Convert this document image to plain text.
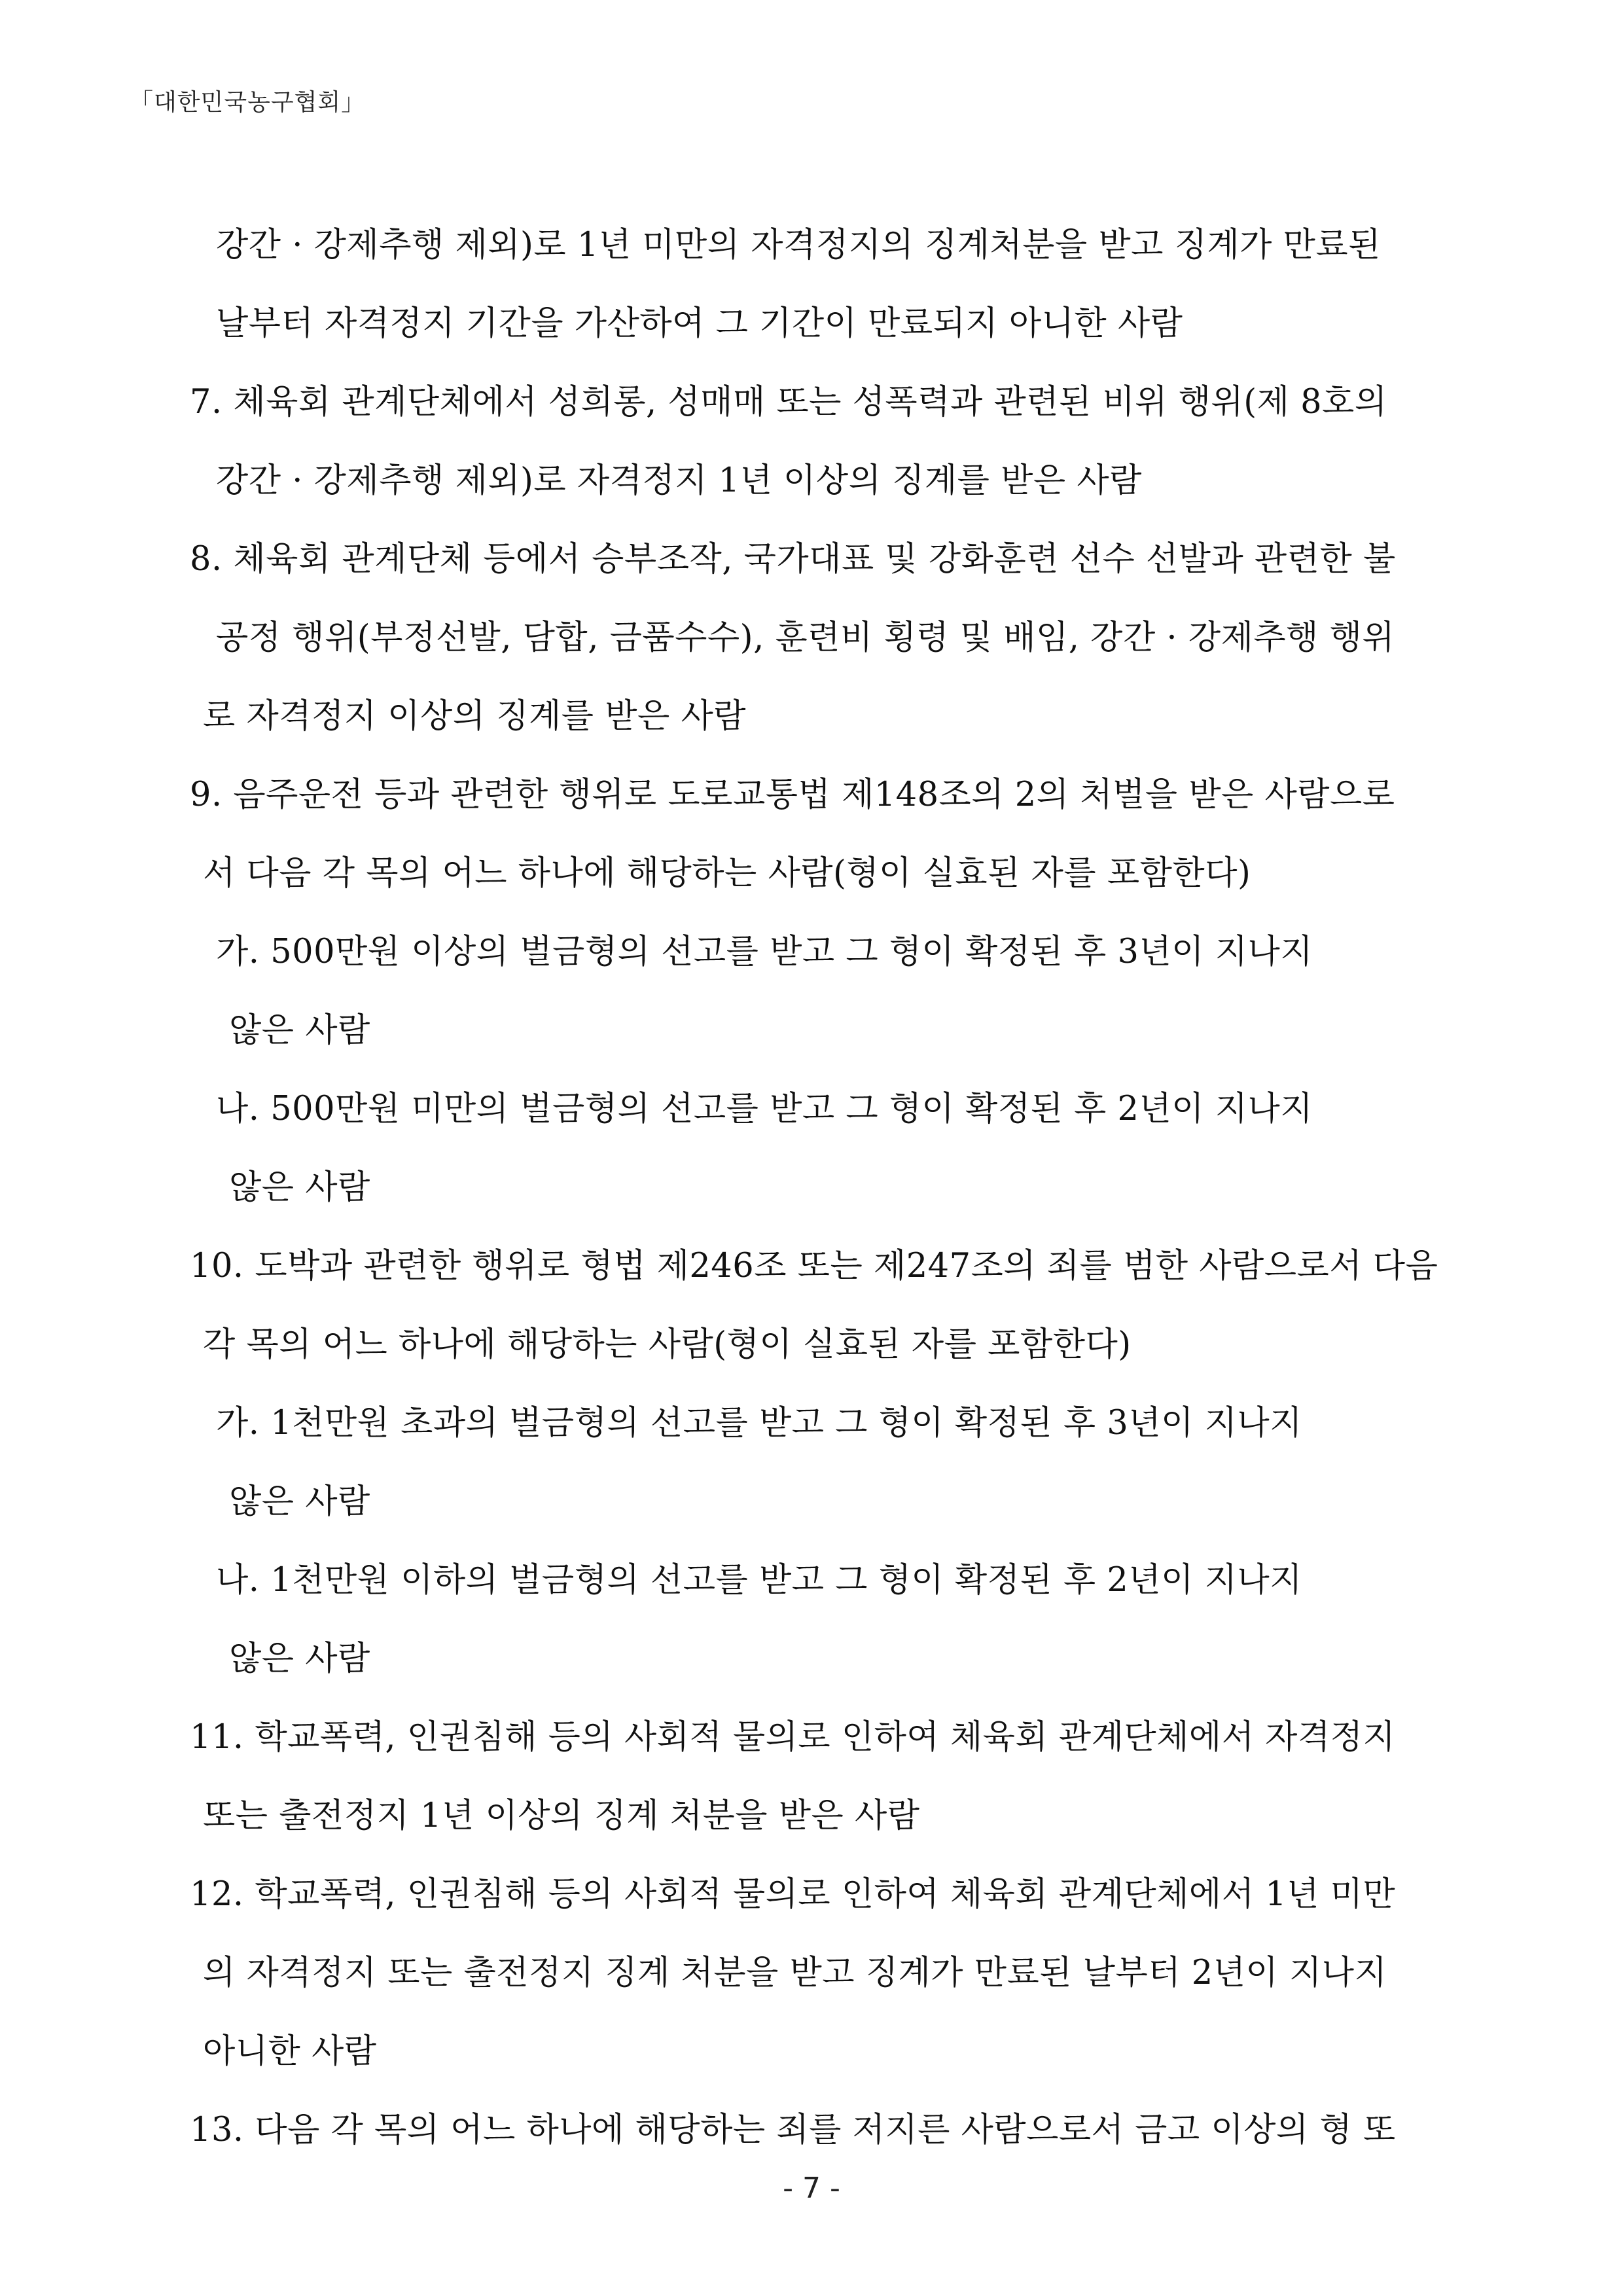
「대한민국농구협회」
강간 · 강제추행 제외)로 1년 미만의 자격정지의 징계처분을 받고 징계가 만료된
날부터 자격정지 기간을 가산하여 그 기간이 만료되지 아니한 사람
7. 체육회 관계단체에서 성희롱, 성매매 또는 성폭력과 관련된 비위 행위(제 8호의
강간 · 강제추행 제외)로 자격정지 1년 이상의 징계를 받은 사람
8. 체육회 관계단체 등에서 승부조작, 국가대표 및 강화훈련 선수 선발과 관련한 불
공정 행위(부정선발, 담합, 금품수수), 훈련비 횡령 및 배임, 강간 · 강제추행 행위
로 자격정지 이상의 징계를 받은 사람
9. 음주운전 등과 관련한 행위로 도로교통법 제148조의 2의 처벌을 받은 사람으로
서 다음 각 목의 어느 하나에 해당하는 사람(형이 실효된 자를 포함한다)
가. 500만원 이상의 벌금형의 선고를 받고 그 형이 확정된 후 3년이 지나지
않은 사람
나. 500만원 미만의 벌금형의 선고를 받고 그 형이 확정된 후 2년이 지나지
않은 사람
10. 도박과 관련한 행위로 형법 제246조 또는 제247조의 죄를 범한 사람으로서 다음
각 목의 어느 하나에 해당하는 사람(형이 실효된 자를 포함한다)
가. 1천만원 초과의 벌금형의 선고를 받고 그 형이 확정된 후 3년이 지나지
않은 사람
나. 1천만원 이하의 벌금형의 선고를 받고 그 형이 확정된 후 2년이 지나지
않은 사람
11. 학교폭력, 인권침해 등의 사회적 물의로 인하여 체육회 관계단체에서 자격정지
또는 출전정지 1년 이상의 징계 처분을 받은 사람
12. 학교폭력, 인권침해 등의 사회적 물의로 인하여 체육회 관계단체에서 1년 미만
의 자격정지 또는 출전정지 징계 처분을 받고 징계가 만료된 날부터 2년이 지나지
아니한 사람
13. 다음 각 목의 어느 하나에 해당하는 죄를 저지른 사람으로서 금고 이상의 형 또
- 7 -
